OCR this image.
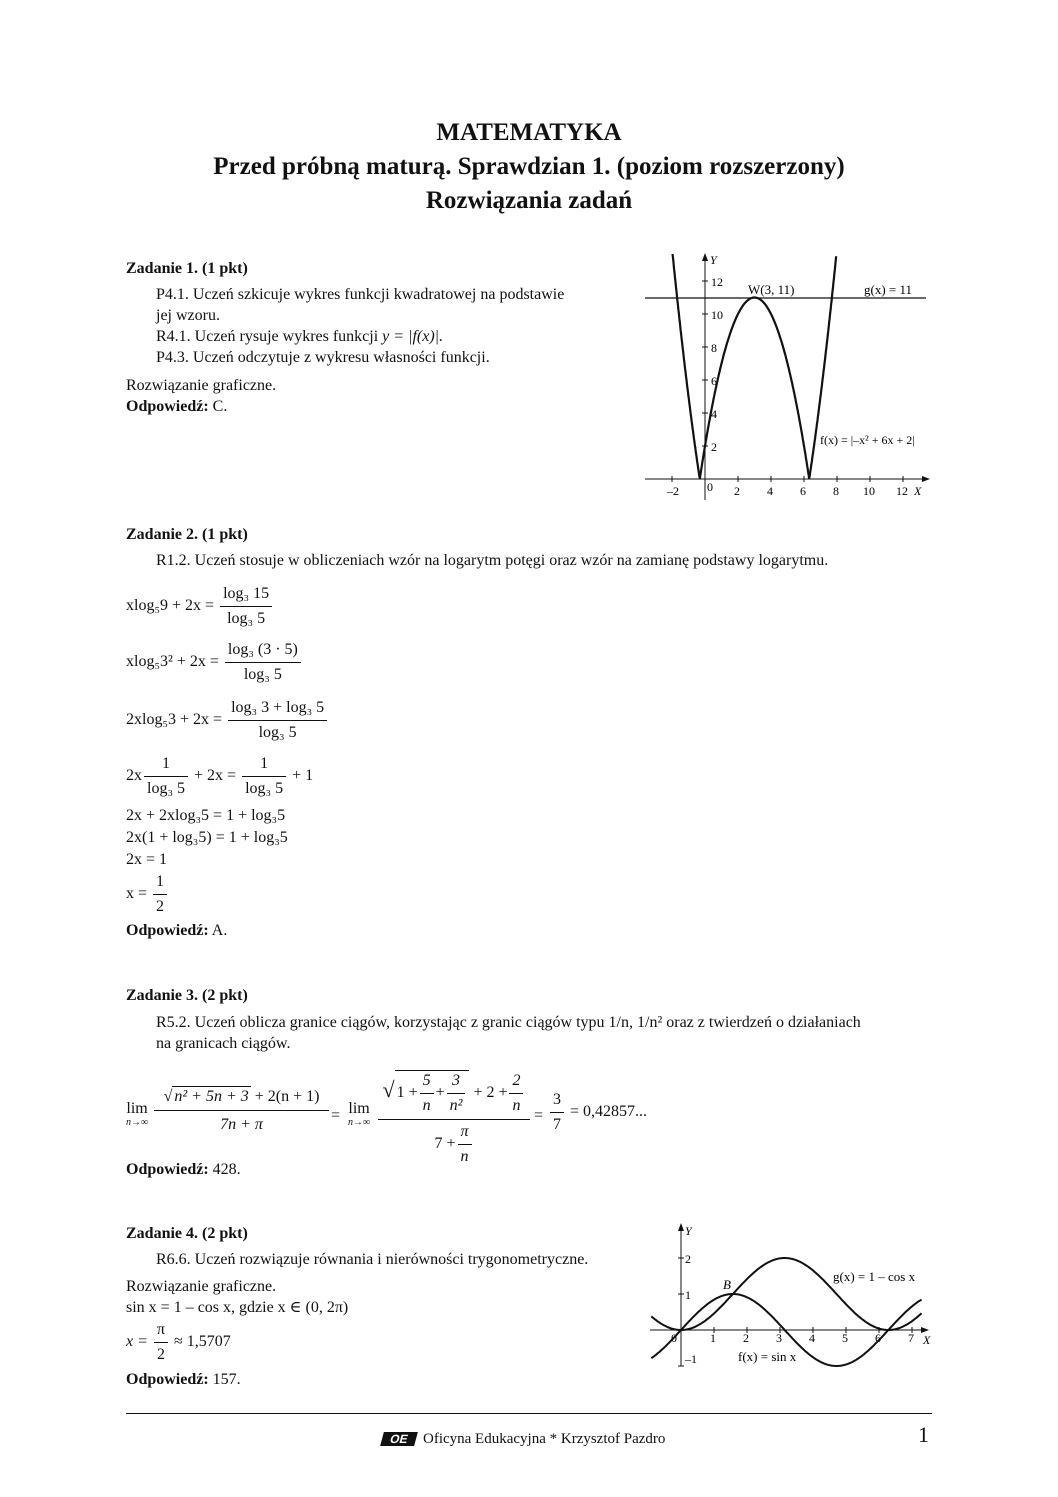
MATEMATYKA
Przed próbną maturą. Sprawdzian 1. (poziom rozszerzony)
Rozwiązania zadań
Zadanie 1. (1 pkt)
P4.1. Uczeń szkicuje wykres funkcji kwadratowej na podstawie
jej wzoru.
R4.1. Uczeń rysuje wykres funkcji y = |f(x)|.
P4.3. Uczeń odczytuje z wykresu własności funkcji.
Rozwiązanie graficzne.
Odpowiedź: C.
Y
X
2
4
6
8
10
12
–2 0 2 4 6 8 10 12
W(3, 11)	g(x) = 11
f(x) = |–x² + 6x + 2|
Zadanie 2. (1 pkt)
R1.2. Uczeń stosuje w obliczeniach wzór na logarytm potęgi oraz wzór na zamianę podstawy logarytmu.
$xlog_59 + 2x = \frac{\text{log₃ 15}}{\text{log₃ 5}}$
$xlog_53^2 + 2x = \frac{\text{log₃ (3 · 5)}}{\text{log₃ 5}}$
$2xlog_53 + 2x = \frac{\text{log₃ 3 + log₃ 5}}{\text{log₃ 5}}$
$2x \frac{1}{\text{log₃ 5}} + 2x = \frac{1}{\text{log₃ 5}} + 1$
2x + 2xlog₃5 = 1 + log₃5
2x(1 + log₃5) = 1 + log₃5
2x = 1
$x = \frac{1}{2}$
Odpowiedź: A.
Zadanie 3. (2 pkt)
R5.2. Uczeń oblicza granice ciągów, korzystając z granic ciągów typu 1/n, 1/n² oraz z twierdzeń o działaniach
na granicach ciągów.
lim
$n\to\infty \frac{\text{√ n² + 5n + 3 + 2(n + 1)}}{7n + \pi} = \lim$
$n\to\infty \frac{√ 1 + \frac{5}{n} + \frac{3}{\text{n²}} + 2 + \frac{2}{n}}{7 + \frac{\pi}{n}} = \frac{3}{7} = 0,42857$...
Odpowiedź: 428.
Zadanie 4. (2 pkt)
R6.6. Uczeń rozwiązuje równania i nierówności trygonometryczne.
Rozwiązanie graficzne.
sin x = 1 – cos x, gdzie x ∈ (0, 2π)
$x = \frac{\pi}{2} \approx 1,5707$
Odpowiedź: 157.
Y
X
2
1
–1
0	1 2 3 4 5 6 7
B
g(x) = 1 – cos x
f(x) = sin x
OE Oficyna Edukacyjna * Krzysztof Pazdro	1
